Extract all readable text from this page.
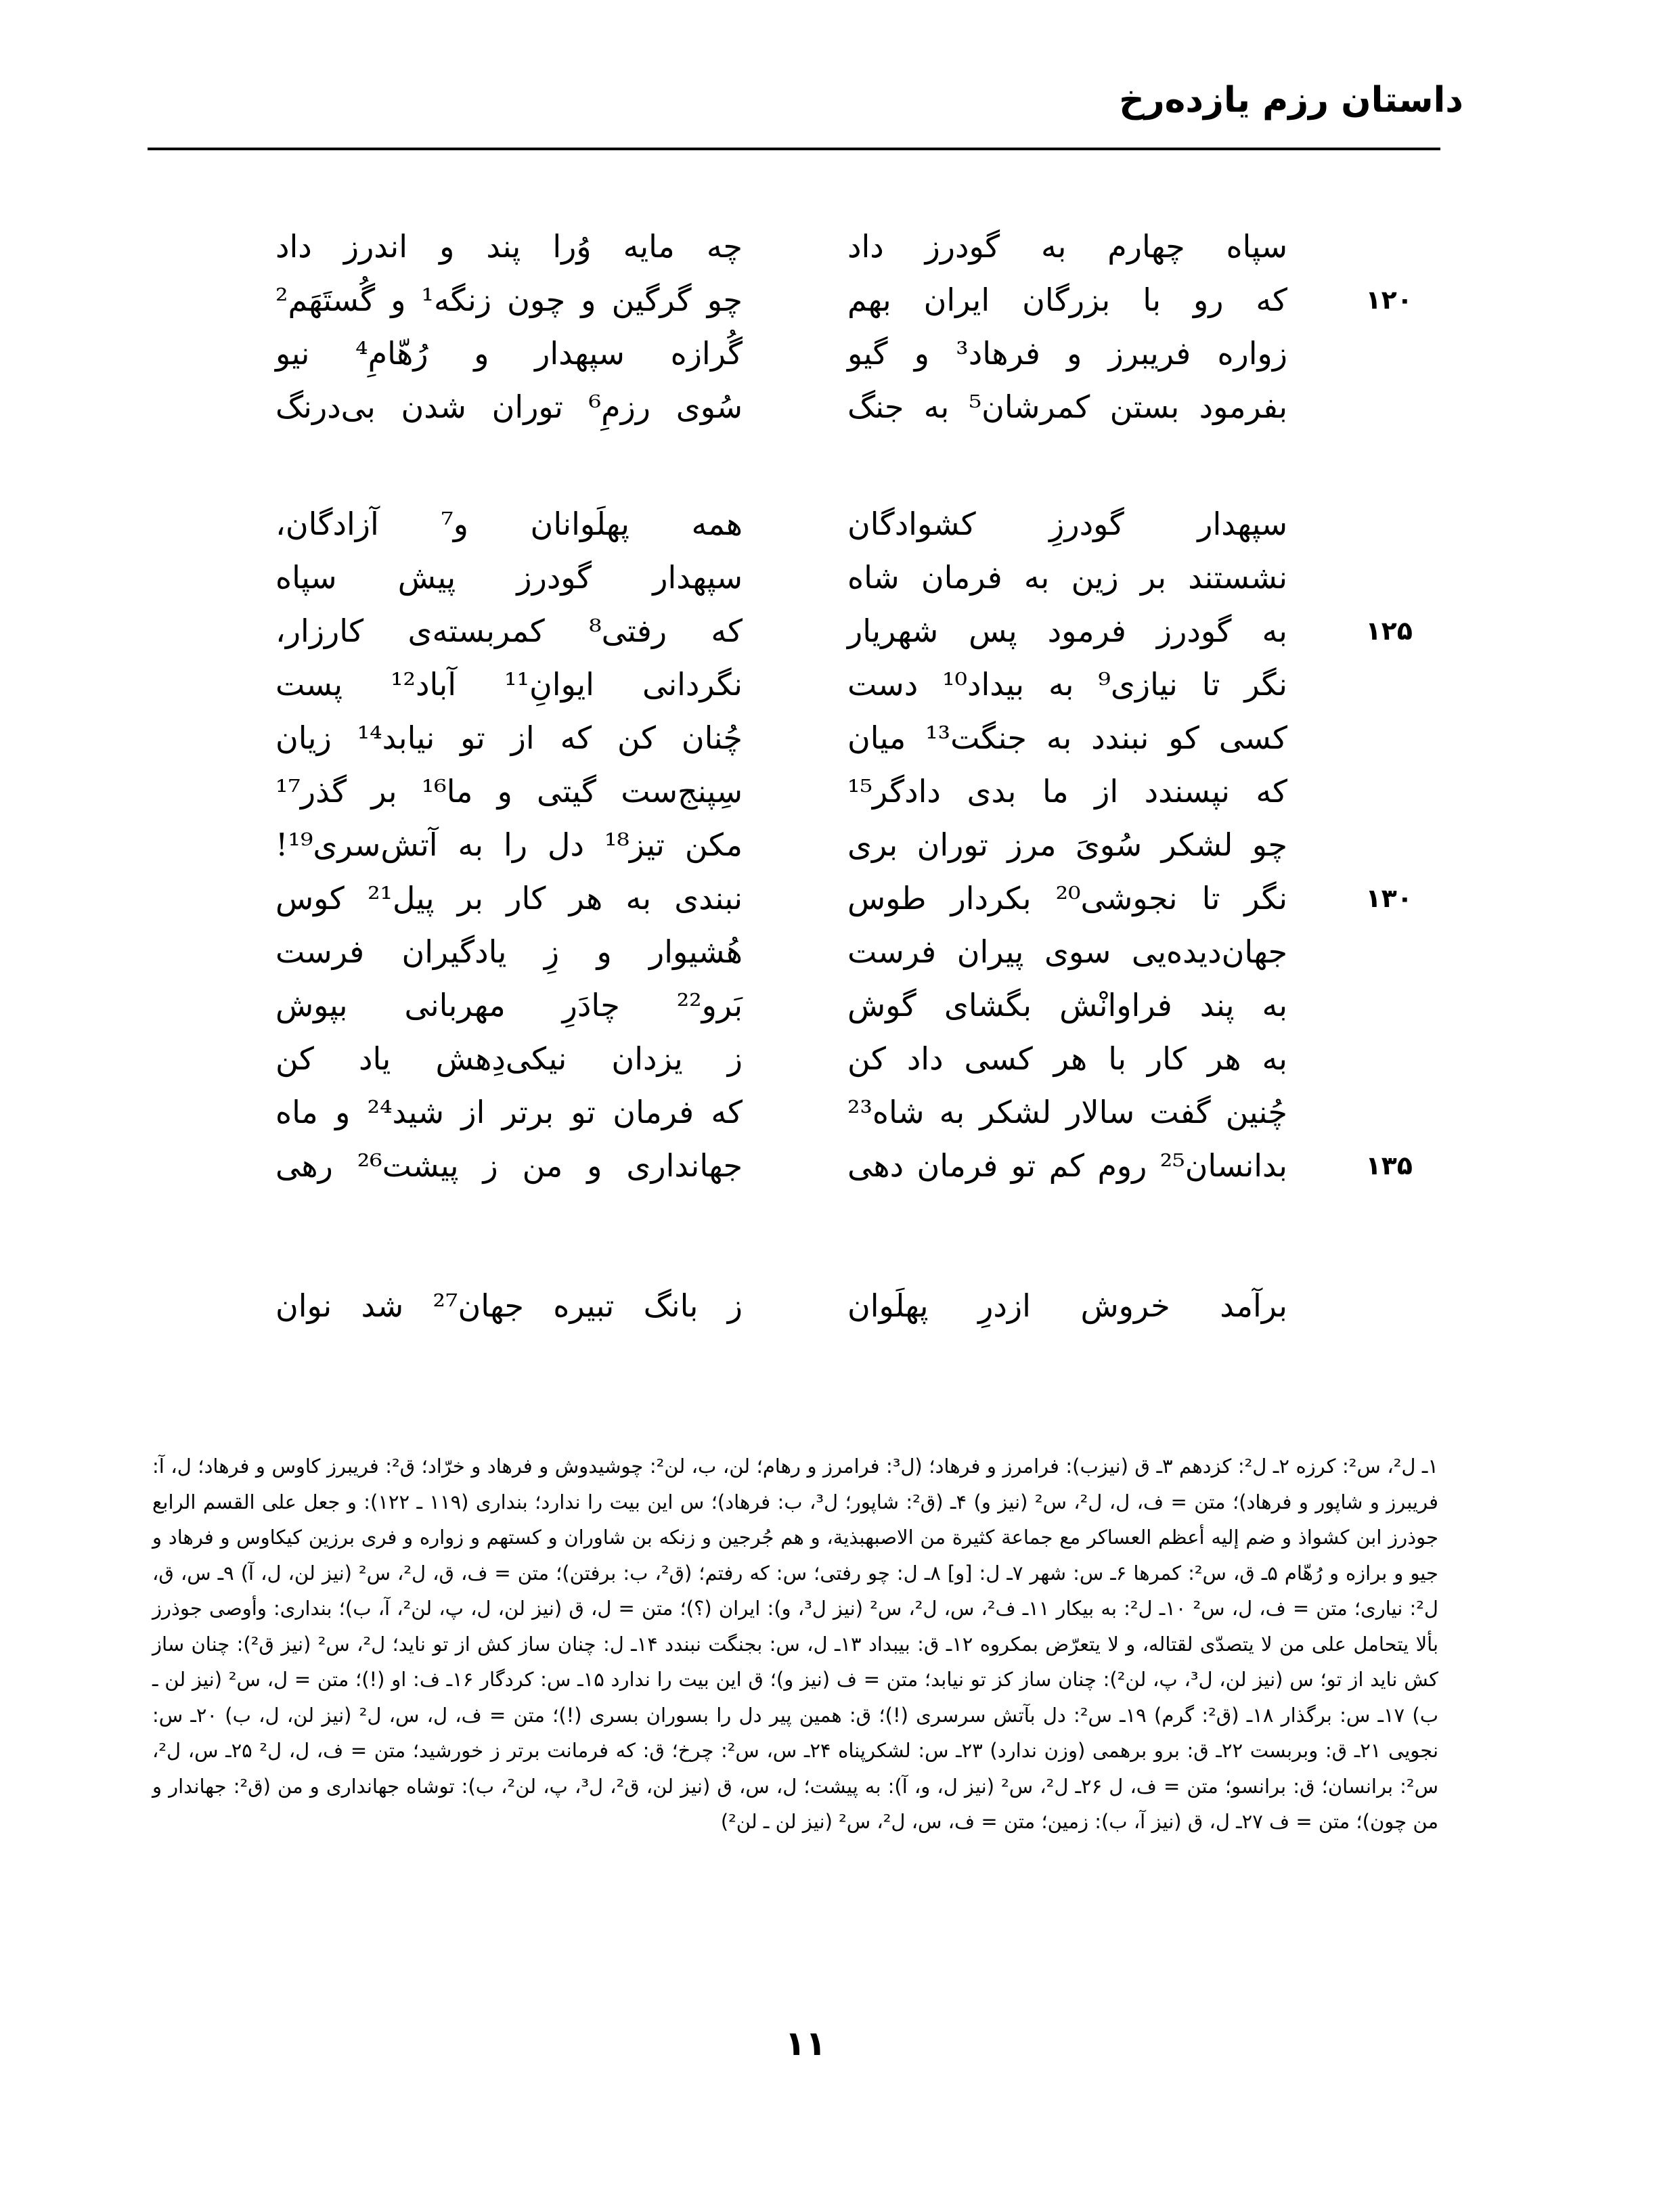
داستان رزم یازده‌رخ
سپاه چهارم به گودرز داد
چه مایه وُرا پند و اندرز داد
۱۲۰
که رو با بزرگان ایران بهم
چو گرگین و چون زنگه¹ و گُستَهَم²
زواره فریبرز و فرهاد³ و گیو
گُرازه سپهدار و رُهّامِ⁴ نیو
بفرمود بستن کمرشان⁵ به جنگ
سُوی رزمِ⁶ توران شدن بی‌درنگ
سپهدار گودرزِ کشوادگان
همه پهلَوانان و⁷ آزادگان،
نشستند بر زین به فرمان شاه
سپهدار گودرز پیش سپاه
۱۲۵
به گودرز فرمود پس شهریار
که رفتی⁸ کمربسته‌ی کارزار،
نگر تا نیازی⁹ به بیداد¹⁰ دست
نگردانی ایوانِ¹¹ آباد¹² پست
کسی کو نبندد به جنگت¹³ میان
چُنان کن که از تو نیابد¹⁴ زیان
که نپسندد از ما بدی دادگر¹⁵
سِپنج‌ست گیتی و ما¹⁶ بر گذر¹⁷
چو لشکر سُویَ مرز توران بری
مکن تیز¹⁸ دل را به آتش‌سری¹⁹!
۱۳۰
نگر تا نجوشی²⁰ بکردار طوس
نبندی به هر کار بر پیل²¹ کوس
جهان‌دیده‌یی سوی پیران فرست
هُشیوار و زِ یادگیران فرست
به پند فراوانْش بگشای گوش
بَرو²² چادَرِ مهربانی بپوش
به هر کار با هر کسی داد کن
ز یزدان نیکی‌دِهش یاد کن
چُنین گفت سالار لشکر به شاه²³
که فرمان تو برتر از شید²⁴ و ماه
۱۳۵
بدانسان²⁵ روم کم تو فرمان دهی
جهانداری و من ز پیشت²⁶ رهی
برآمد خروش ازدرِ پهلَوان
ز بانگ تبیره جهان²⁷ شد نوان

۱ـ ل²، س²: کرزه ۲ـ ل²: کزدهم ۳ـ ق (نیزب): فرامرز و فرهاد؛ (ل³: فرامرز و رهام؛ لن، ب، لن²: چوشیدوش و فرهاد و خرّاد؛ ق²: فریبرز کاوس و فرهاد؛ ل، آ: فریبرز و شاپور و فرهاد)؛ متن = ف، ل، ل²، س² (نیز و) ۴ـ (ق²: شاپور؛ ل³، ب: فرهاد)؛ س این بیت را ندارد؛ بنداری (۱۱۹ ـ ۱۲۲): و جعل علی القسم الرابع جوذرز ابن کشواذ و ضم إلیه أعظم العساکر مع جماعة کثیرة من الاصبهبذیة، و هم جُرجین و زنکه بن شاوران و کستهم و زواره و فری برزین کیکاوس و فرهاد و جیو و برازه و رُهّام ۵ـ ق، س²: کمرها ۶ـ س: شهر ۷ـ ل: [و] ۸ـ ل: چو رفتی؛ س: که رفتم؛ (ق²، ب: برفتن)؛ متن = ف، ق، ل²، س² (نیز لن، ل، آ) ۹ـ س، ق، ل²: نیاری؛ متن = ف، ل، س² ۱۰ـ ل²: به بیکار ۱۱ـ ف²، س، ل²، س² (نیز ل³، و): ایران (؟)؛ متن = ل، ق (نیز لن، ل، پ، لن²، آ، ب)؛ بنداری: وأوصی جوذرز بألا یتحامل علی من لا یتصدّی لقتاله، و لا یتعرّض بمکروه ۱۲ـ ق: بیبداد ۱۳ـ ل، س: بجنگت نبندد ۱۴ـ ل: چنان ساز کش از تو ناید؛ ل²، س² (نیز ق²): چنان ساز کش ناید از تو؛ س (نیز لن، ل³، پ، لن²): چنان ساز کز تو نیابد؛ متن = ف (نیز و)؛ ق این بیت را ندارد ۱۵ـ س: کردگار ۱۶ـ ف: او (!)؛ متن = ل، س² (نیز لن ـ ب) ۱۷ـ س: برگذار ۱۸ـ (ق²: گرم) ۱۹ـ س²: دل بآتش سرسری (!)؛ ق: همین پیر دل را بسوران بسری (!)؛ متن = ف، ل، س، ل² (نیز لن، ل، ب) ۲۰ـ س: نجویی ۲۱ـ ق: وبربست ۲۲ـ ق: برو برهمی (وزن ندارد) ۲۳ـ س: لشکرپناه ۲۴ـ س، س²: چرخ؛ ق: که فرمانت برتر ز خورشید؛ متن = ف، ل، ل² ۲۵ـ س، ل²، س²: برانسان؛ ق: برانسو؛ متن = ف، ل ۲۶ـ ل²، س² (نیز ل، و، آ): به پیشت؛ ل، س، ق (نیز لن، ق²، ل³، پ، لن²، ب): توشاه جهانداری و من (ق²: جهاندار و من چون)؛ متن = ف ۲۷ـ ل، ق (نیز آ، ب): زمین؛ متن = ف، س، ل²، س² (نیز لن ـ لن²)

۱۱
